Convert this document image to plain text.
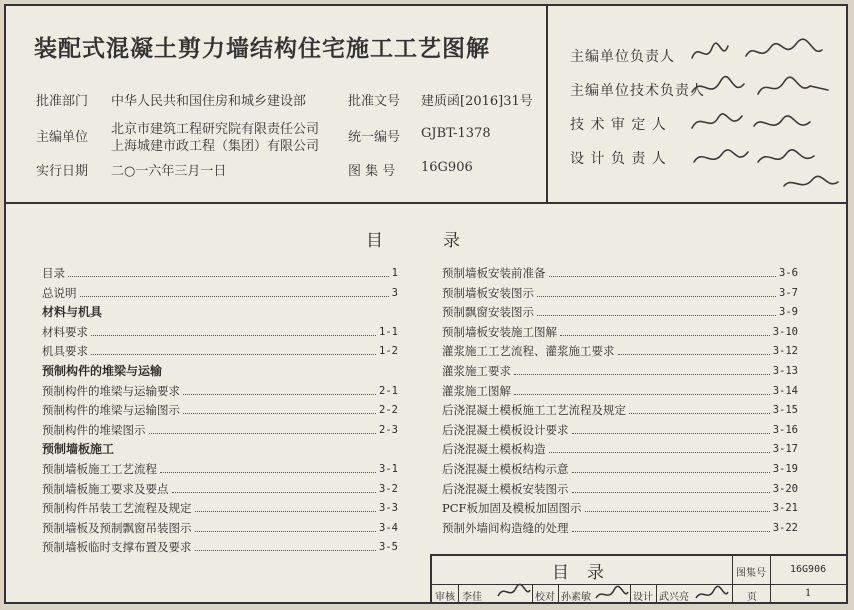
装配式混凝土剪力墙结构住宅施工工艺图解
批准部门 中华人民共和国住房和城乡建设部	批准文号 建质函[2016]31号
主编单位
北京市建筑工程研究院有限责任公司
上海城建市政工程（集团）有限公司
统一编号 GJBT-1378
实行日期 二○一六年三月一日	图 集 号 16G906
主编单位负责人
主编单位技术负责人
技 术 审 定 人
设 计 负 责 人
目录
目录	1
总说明	3
材料与机具
材料要求	1-1
机具要求	1-2
预制构件的堆梁与运输
预制构件的堆梁与运输要求	2-1
预制构件的堆梁与运输图示	2-2
预制构件的堆梁图示	2-3
预制墙板施工
预制墙板施工工艺流程	3-1
预制墙板施工要求及要点	3-2
预制构件吊装工艺流程及规定	3-3
预制墙板及预制飘窗吊装图示	3-4
预制墙板临时支撑布置及要求	3-5
预制墙板安装前准备	3-6
预制墙板安装图示	3-7
预制飘窗安装图示	3-9
预制墙板安装施工图解	3-10
灌浆施工工艺流程、灌浆施工要求	3-12
灌浆施工要求	3-13
灌浆施工图解	3-14
后浇混凝土模板施工工艺流程及规定	3-15
后浇混凝土模板设计要求	3-16
后浇混凝土模板构造	3-17
后浇混凝土模板结构示意	3-19
后浇混凝土模板安装图示	3-20
PCF板加固及模板加固图示	3-21
预制外墙间构造缝的处理	3-22
目录	图集号 16G906
审核 李佳	校对 孙素敏	设计 武兴亮	页	1
